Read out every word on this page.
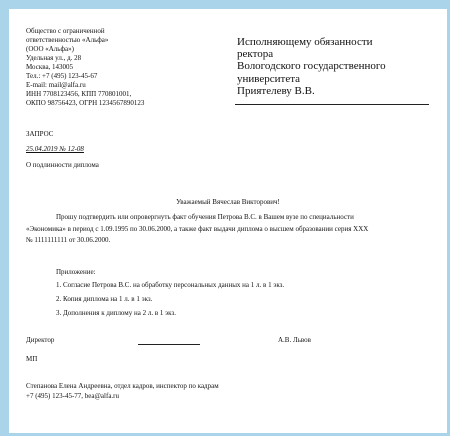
Общество с ограниченной
ответственностью «Альфа»
(ООО «Альфа»)
Удельная ул., д. 28
Москва, 143005
Тел.: +7 (495) 123-45-67
E-mail: mail@alfa.ru
ИНН 7708123456, КПП 770801001,
ОКПО 98756423, ОГРН 1234567890123
Исполняющему обязанности
ректора
Вологодского государственного
университета
Приятелеву В.В.
ЗАПРОС
25.04.2019 № 12-08
О подлинности диплома
Уважаемый Вячеслав Викторович!
Прошу подтвердить или опровергнуть факт обучения Петрова В.С. в Вашем вузе по специальности
«Экономика» в период с 1.09.1995 по 30.06.2000, а также факт выдачи диплома о высшем образовании серия ХХХ
№ 1111111111 от 30.06.2000.
Приложение:
1. Согласие Петрова В.С. на обработку персональных данных на 1 л. в 1 экз.
2. Копия диплома на 1 л. в 1 экз.
3. Дополнения к диплому на 2 л. в 1 экз.
Директор	А.В. Львов
МП
Степанова Елена Андреевна, отдел кадров, инспектор по кадрам
+7 (495) 123-45-77, bea@alfa.ru
